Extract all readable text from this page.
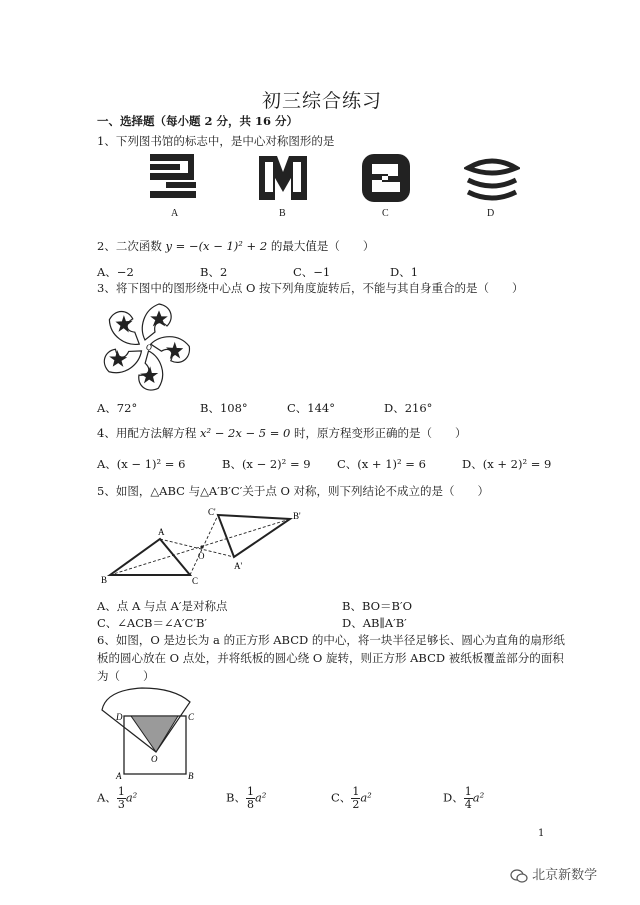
初三综合练习
一、选择题（每小题 2 分，共 16 分）
1、下列图书馆的标志中，是中心对称图形的是
A	B	C	D
2、二次函数 y = −(x − 1)² + 2 的最大值是（　　）
A、−2	B、2	C、−1	D、1
3、将下图中的图形绕中心点 O 按下列角度旋转后，不能与其自身重合的是（　　）
O
A、72°	B、108°	C、144°	D、216°
4、用配方法解方程 x² − 2x − 5 = 0 时，原方程变形正确的是（　　）
A、(x − 1)² = 6	B、(x − 2)² = 9 C、(x + 1)² = 6	D、(x + 2)² = 9
5、如图，△ABC 与△A′B′C′关于点 O 对称，则下列结论不成立的是（　　）
A
B	C
O
A'
B'
C'
A、点 A 与点 A′是对称点	B、BO＝B′O
C、∠ACB＝∠A′C′B′	D、AB∥A′B′
6、如图，O 是边长为 a 的正方形 ABCD 的中心，将一块半径足够长、圆心为直角的扇形纸
板的圆心放在 O 点处，并将纸板的圆心绕 O 旋转，则正方形 ABCD 被纸板覆盖部分的面积
为（　　）
D	C
O
A	B
A、 $\frac{1}{3} a^2$	B、 $\frac{1}{8} a^2$	C、 $\frac{1}{2} a^2$	D、 $\frac{1}{4} a^2$
1
北京新数学
